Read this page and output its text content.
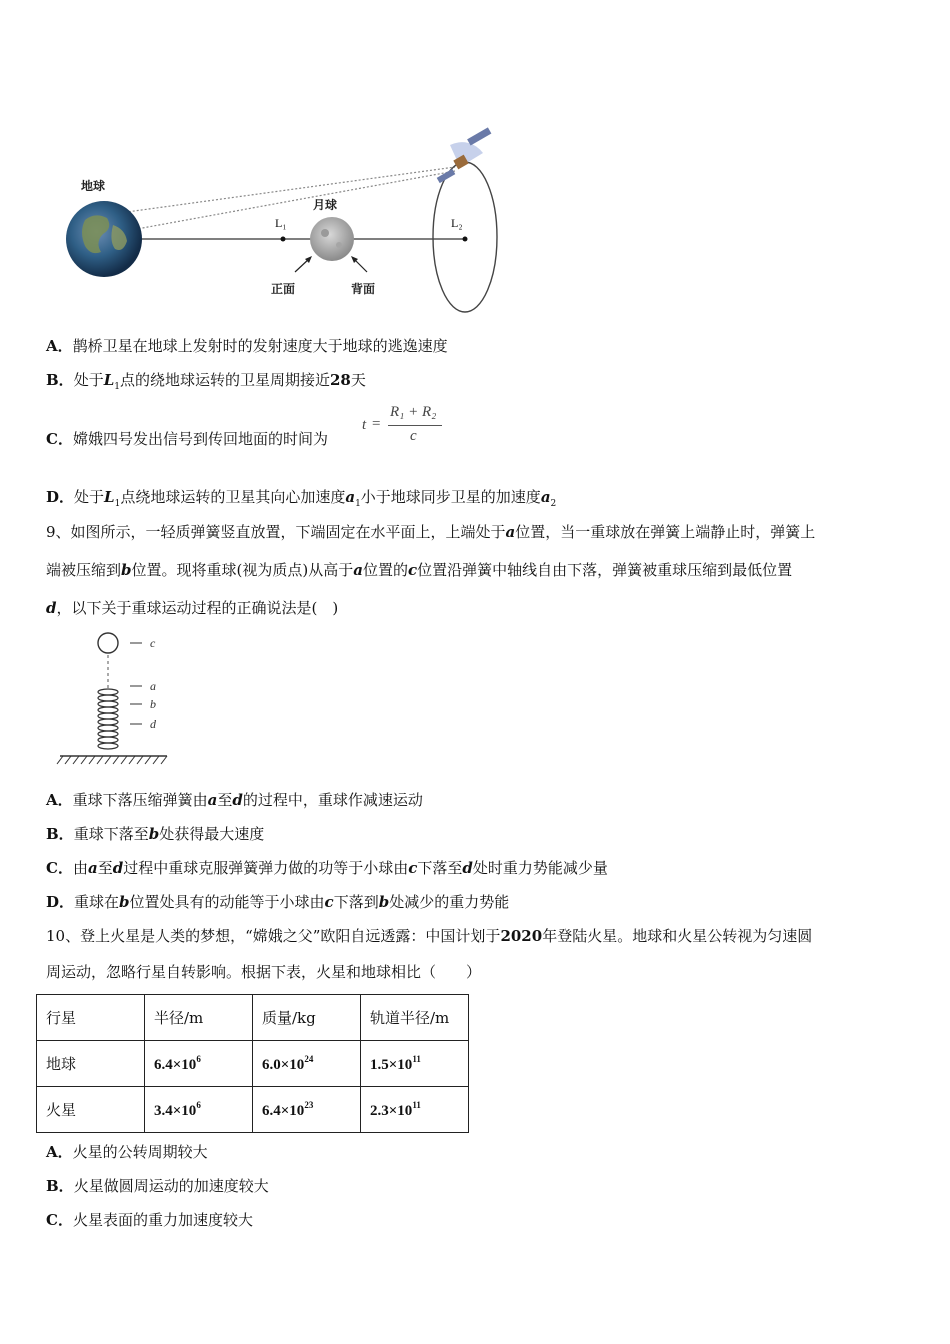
地球
L₁
月球
正面	背面
L₂
A．鹊桥卫星在地球上发射时的发射速度大于地球的逃逸速度
B．处于$L_1$点的绕地球运转的卫星周期接近28天
C．嫦娥四号发出信号到传回地面的时间为
t =
R₁ + R₂
c
D．处于$L_1$点绕地球运转的卫星其向心加速度$a_1$小于地球同步卫星的加速度$a_2$
9、如图所示，一轻质弹簧竖直放置，下端固定在水平面上，上端处于a位置，当一重球放在弹簧上端静止时，弹簧上
端被压缩到b位置。现将重球(视为质点)从高于a位置的c位置沿弹簧中轴线自由下落，弹簧被重球压缩到最低位置
d，以下关于重球运动过程的正确说法是(　)
c
a
b
d
A．重球下落压缩弹簧由a至d的过程中，重球作减速运动
B．重球下落至b处获得最大速度
C．由a至d过程中重球克服弹簧弹力做的功等于小球由c下落至d处时重力势能减少量
D．重球在b位置处具有的动能等于小球由c下落到b处减少的重力势能
10、登上火星是人类的梦想，“嫦娥之父”欧阳自远透露：中国计划于2020年登陆火星。地球和火星公转视为匀速圆
周运动，忽略行星自转影响。根据下表，火星和地球相比（　　）
行星	半径/m	质量/kg	轨道半径/m
地球	$6.4\times 10^6$	$6.0\times 10^{24}$	$1.5\times 10^{11}$
火星	$3.4\times 10^6$	$6.4\times 10^{23}$	$2.3\times 10^{11}$
A．火星的公转周期较大
B．火星做圆周运动的加速度较大
C．火星表面的重力加速度较大
